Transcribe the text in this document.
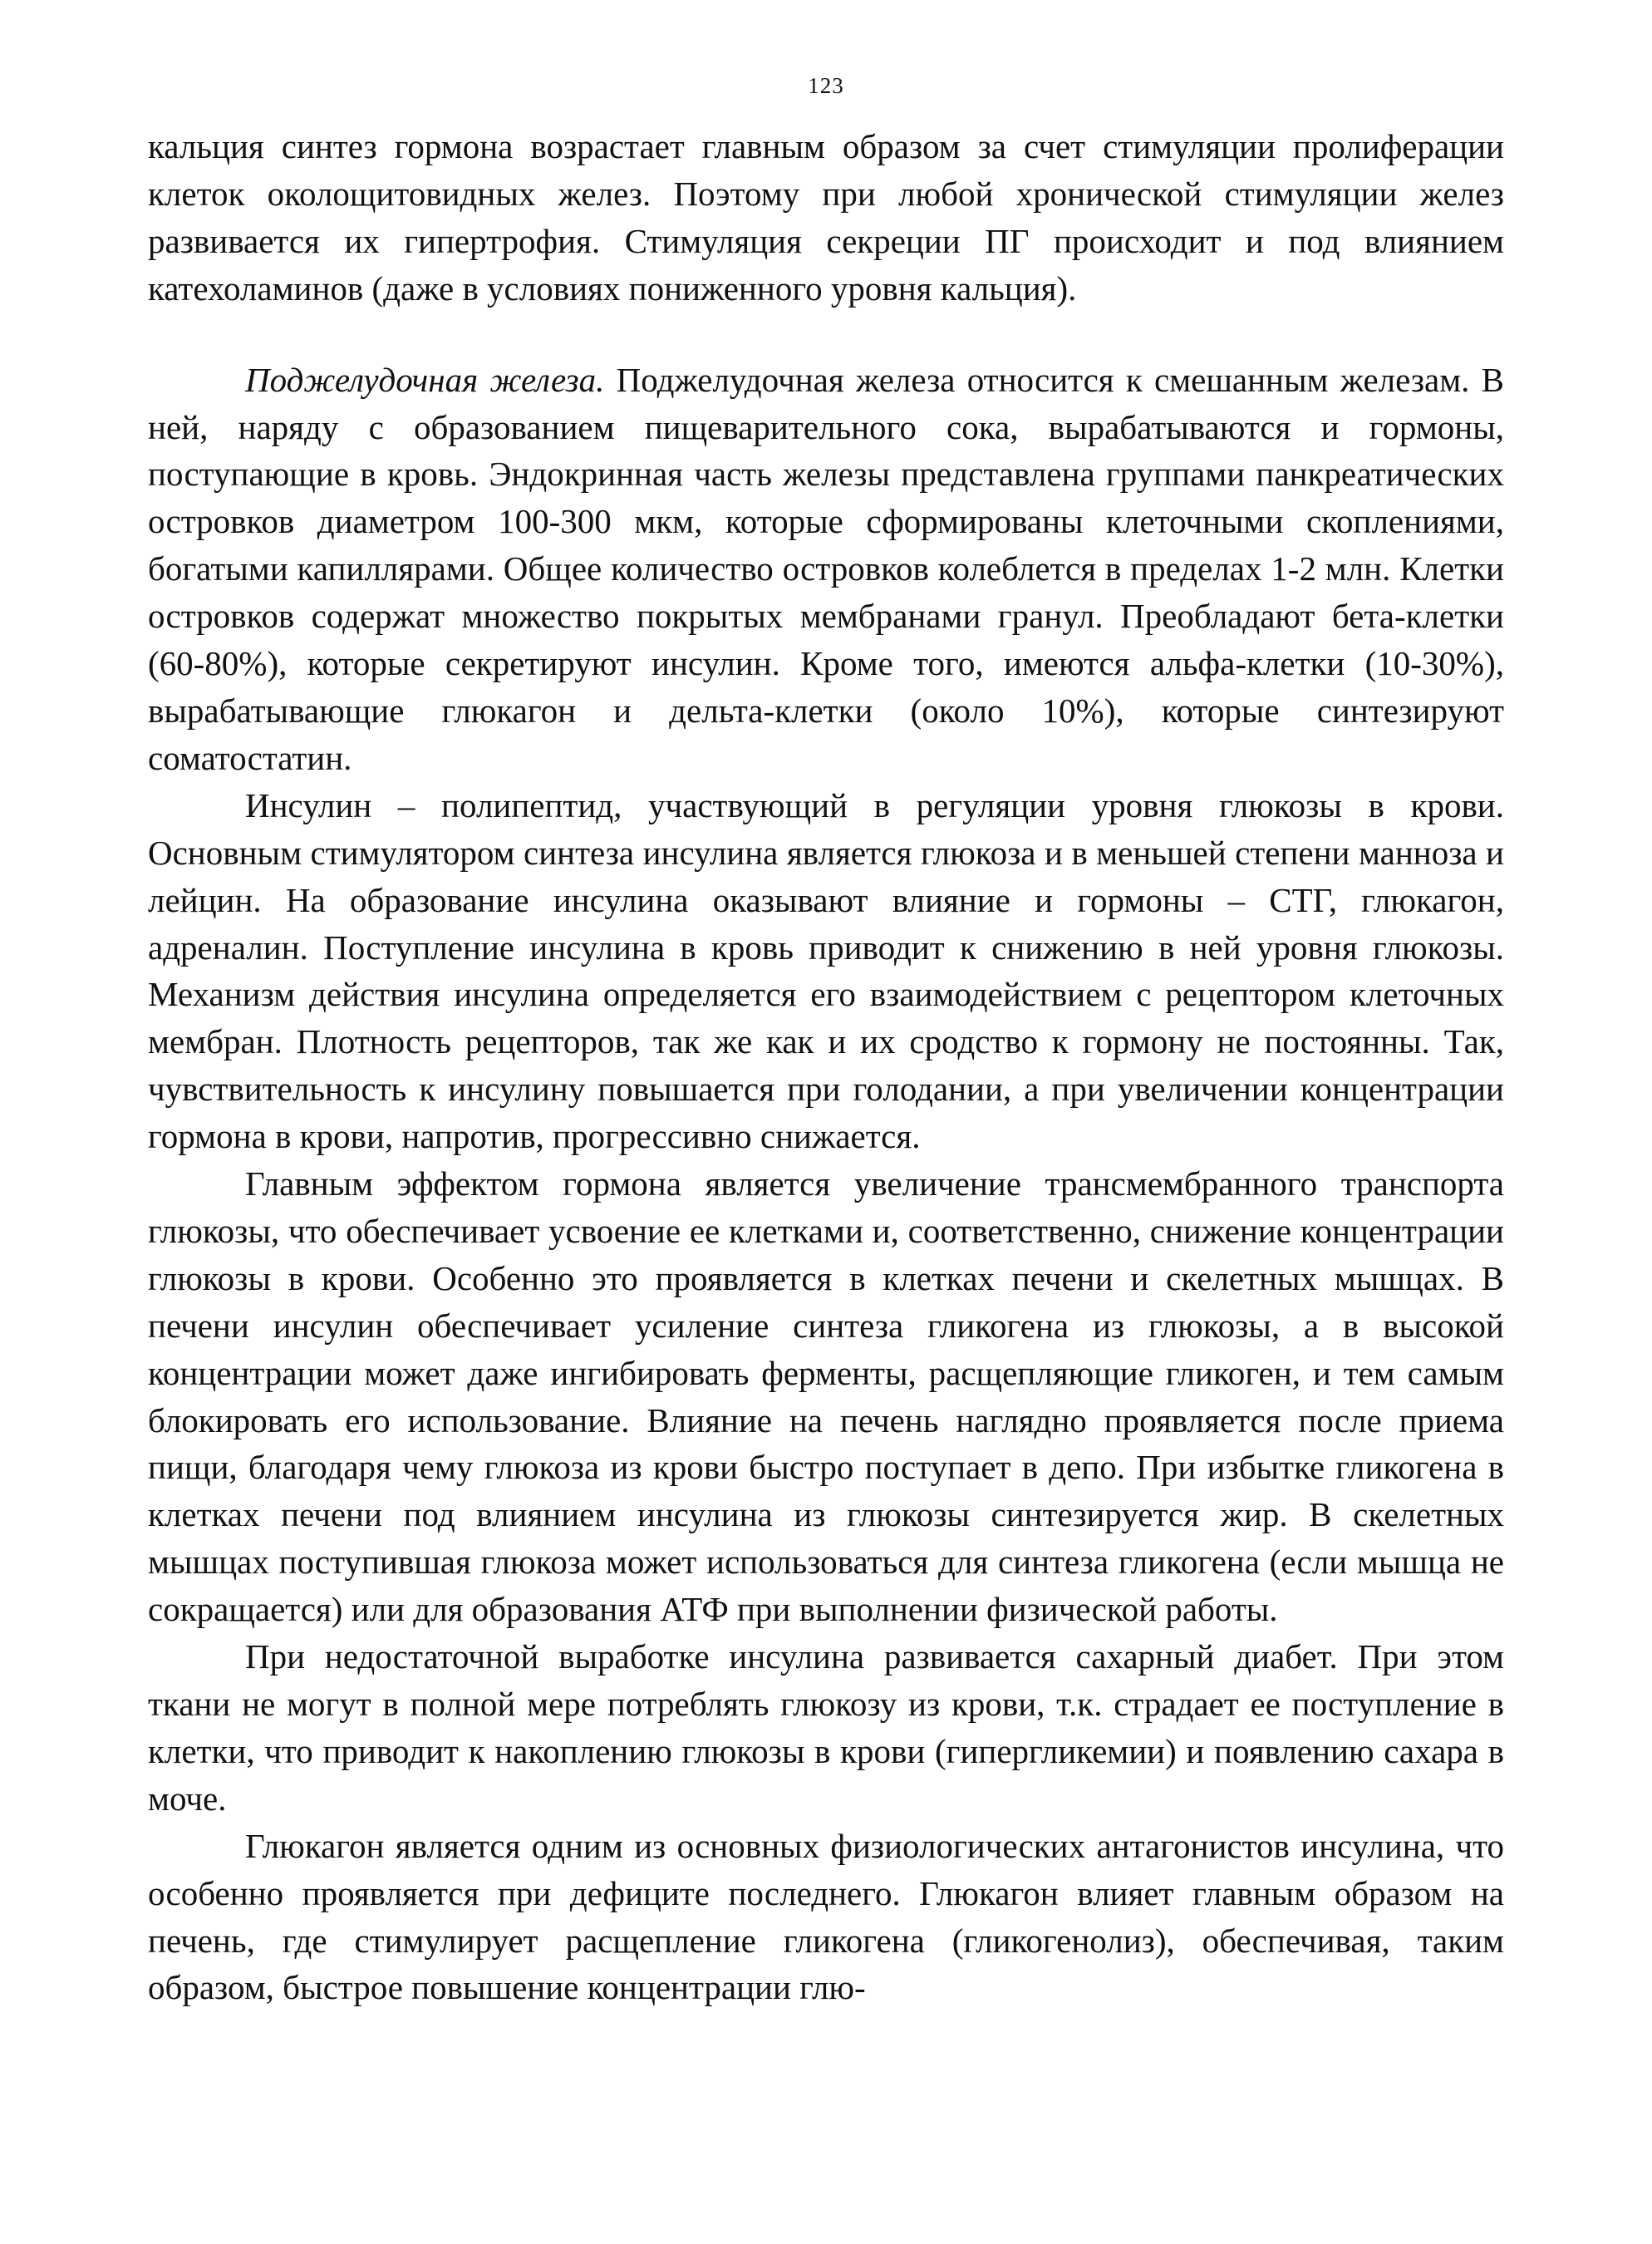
123

кальция синтез гормона возрастает главным образом за счет стимуляции пролиферации клеток околощитовидных желез. Поэтому при любой хронической стимуляции желез развивается их гипертрофия. Стимуляция секреции ПГ происходит и под влиянием катехоламинов (даже в условиях пониженного уровня кальция).

Поджелудочная железа. Поджелудочная железа относится к смешанным железам. В ней, наряду с образованием пищеварительного сока, вырабатываются и гормоны, поступающие в кровь. Эндокринная часть железы представлена группами панкреатических островков диаметром 100-300 мкм, которые сформированы клеточными скоплениями, богатыми капиллярами. Общее количество островков колеблется в пределах 1-2 млн. Клетки островков содержат множество покрытых мембранами гранул. Преобладают бета-клетки (60-80%), которые секретируют инсулин. Кроме того, имеются альфа-клетки (10-30%), вырабатывающие глюкагон и дельта-клетки (около 10%), которые синтезируют соматостатин.

Инсулин – полипептид, участвующий в регуляции уровня глюкозы в крови. Основным стимулятором синтеза инсулина является глюкоза и в меньшей степени манноза и лейцин. На образование инсулина оказывают влияние и гормоны – СТГ, глюкагон, адреналин. Поступление инсулина в кровь приводит к снижению в ней уровня глюкозы. Механизм действия инсулина определяется его взаимодействием с рецептором клеточных мембран. Плотность рецепторов, так же как и их сродство к гормону не постоянны. Так, чувствительность к инсулину повышается при голодании, а при увеличении концентрации гормона в крови, напротив, прогрессивно снижается.

Главным эффектом гормона является увеличение трансмембранного транспорта глюкозы, что обеспечивает усвоение ее клетками и, соответственно, снижение концентрации глюкозы в крови. Особенно это проявляется в клетках печени и скелетных мышцах. В печени инсулин обеспечивает усиление синтеза гликогена из глюкозы, а в высокой концентрации может даже ингибировать ферменты, расщепляющие гликоген, и тем самым блокировать его использование. Влияние на печень наглядно проявляется после приема пищи, благодаря чему глюкоза из крови быстро поступает в депо. При избытке гликогена в клетках печени под влиянием инсулина из глюкозы синтезируется жир. В скелетных мышцах поступившая глюкоза может использоваться для синтеза гликогена (если мышца не сокращается) или для образования АТФ при выполнении физической работы.

При недостаточной выработке инсулина развивается сахарный диабет. При этом ткани не могут в полной мере потреблять глюкозу из крови, т.к. страдает ее поступление в клетки, что приводит к накоплению глюкозы в крови (гипергликемии) и появлению сахара в моче.

Глюкагон является одним из основных физиологических антагонистов инсулина, что особенно проявляется при дефиците последнего. Глюкагон влияет главным образом на печень, где стимулирует расщепление гликогена (гликогенолиз), обеспечивая, таким образом, быстрое повышение концентрации глю-
